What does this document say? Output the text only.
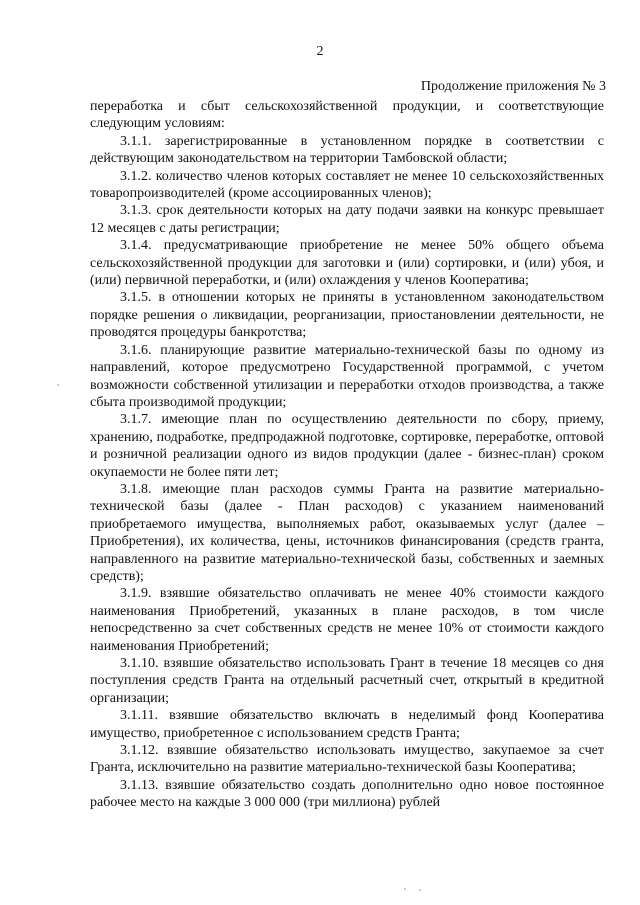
2
Продолжение приложения № 3

переработка и сбыт сельскохозяйственной продукции, и соответствующие следующим условиям:

3.1.1. зарегистрированные в установленном порядке в соответствии с действующим законодательством на территории Тамбовской области;

3.1.2. количество членов которых составляет не менее 10 сельскохозяйственных товаропроизводителей (кроме ассоциированных членов);

3.1.3. срок деятельности которых на дату подачи заявки на конкурс превышает 12 месяцев с даты регистрации;

3.1.4. предусматривающие приобретение не менее 50% общего объема сельскохозяйственной продукции для заготовки и (или) сортировки, и (или) убоя, и (или) первичной переработки, и (или) охлаждения у членов Кооператива;

3.1.5. в отношении которых не приняты в установленном законодательством порядке решения о ликвидации, реорганизации, приостановлении деятельности, не проводятся процедуры банкротства;

3.1.6. планирующие развитие материально-технической базы по одному из направлений, которое предусмотрено Государственной программой, с учетом возможности собственной утилизации и переработки отходов производства, а также сбыта производимой продукции;

3.1.7. имеющие план по осуществлению деятельности по сбору, приему, хранению, подработке, предпродажной подготовке, сортировке, переработке, оптовой и розничной реализации одного из видов продукции (далее - бизнес-план) сроком окупаемости не более пяти лет;

3.1.8. имеющие план расходов суммы Гранта на развитие материально-технической базы (далее - План расходов) с указанием наименований приобретаемого имущества, выполняемых работ, оказываемых услуг (далее – Приобретения), их количества, цены, источников финансирования (средств гранта, направленного на развитие материально-технической базы, собственных и заемных средств);

3.1.9. взявшие обязательство оплачивать не менее 40% стоимости каждого наименования Приобретений, указанных в плане расходов, в том числе непосредственно за счет собственных средств не менее 10% от стоимости каждого наименования Приобретений;

3.1.10. взявшие обязательство использовать Грант в течение 18 месяцев со дня поступления средств Гранта на отдельный расчетный счет, открытый в кредитной организации;

3.1.11. взявшие обязательство включать в неделимый фонд Кооператива имущество, приобретенное с использованием средств Гранта;

3.1.12. взявшие обязательство использовать имущество, закупаемое за счет Гранта, исключительно на развитие материально-технической базы Кооператива;

3.1.13. взявшие обязательство создать дополнительно одно новое постоянное рабочее место на каждые 3 000 000 (три миллиона) рублей
